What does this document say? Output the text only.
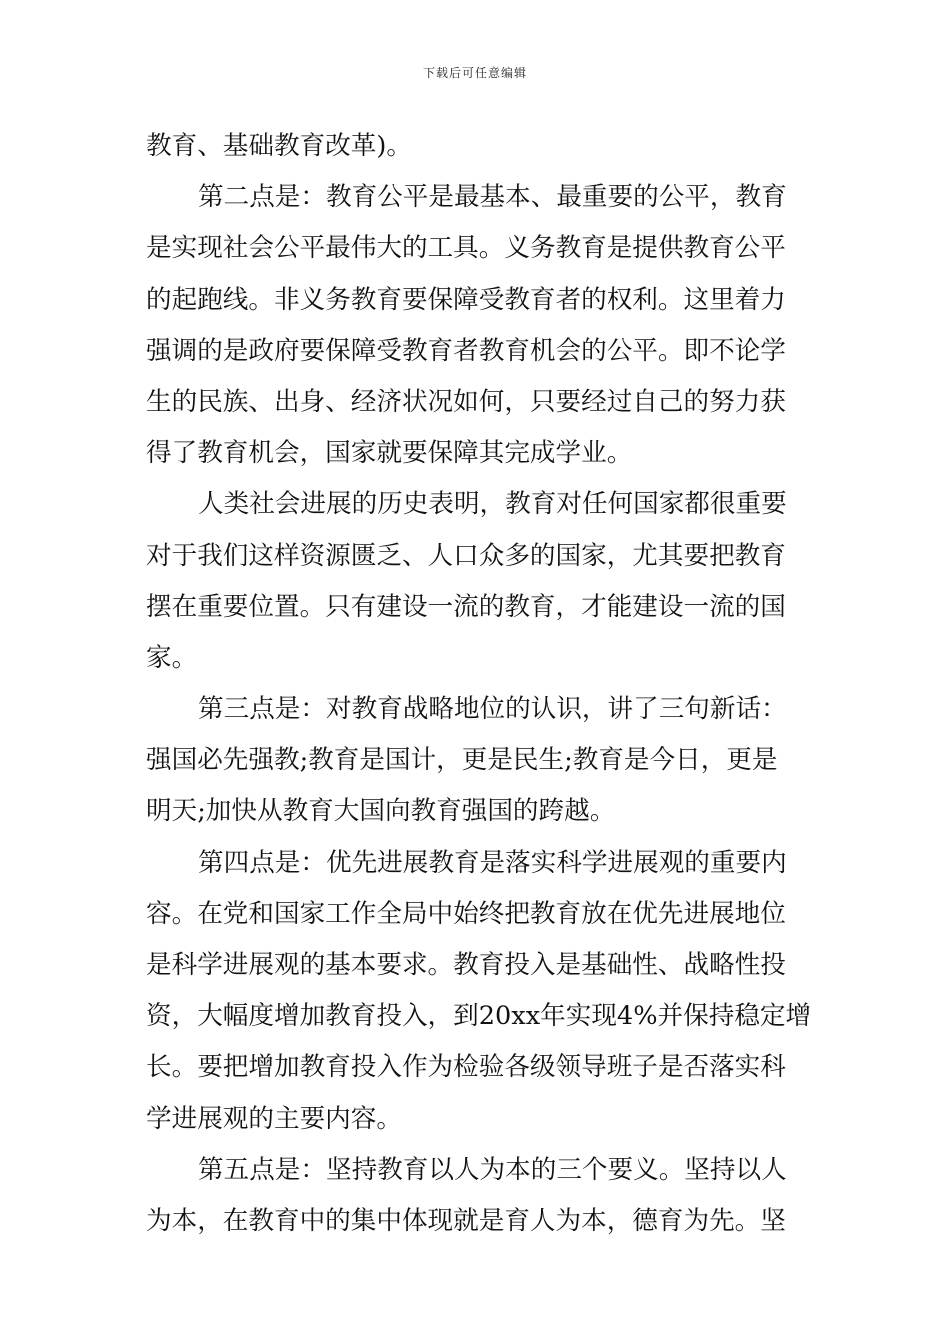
下载后可任意编辑
教育、基础教育改革)。
第二点是：教育公平是最基本、最重要的公平，教育
是实现社会公平最伟大的工具。义务教育是提供教育公平
的起跑线。非义务教育要保障受教育者的权利。这里着力
强调的是政府要保障受教育者教育机会的公平。即不论学
生的民族、出身、经济状况如何，只要经过自己的努力获
得了教育机会，国家就要保障其完成学业。
人类社会进展的历史表明，教育对任何国家都很重要
对于我们这样资源匮乏、人口众多的国家，尤其要把教育
摆在重要位置。只有建设一流的教育，才能建设一流的国
家。
第三点是：对教育战略地位的认识，讲了三句新话：
强国必先强教;教育是国计，更是民生;教育是今日，更是
明天;加快从教育大国向教育强国的跨越。
第四点是：优先进展教育是落实科学进展观的重要内
容。在党和国家工作全局中始终把教育放在优先进展地位
是科学进展观的基本要求。教育投入是基础性、战略性投
资，大幅度增加教育投入，到20xx年实现4%并保持稳定增
长。要把增加教育投入作为检验各级领导班子是否落实科
学进展观的主要内容。
第五点是：坚持教育以人为本的三个要义。坚持以人
为本，在教育中的集中体现就是育人为本，德育为先。坚
